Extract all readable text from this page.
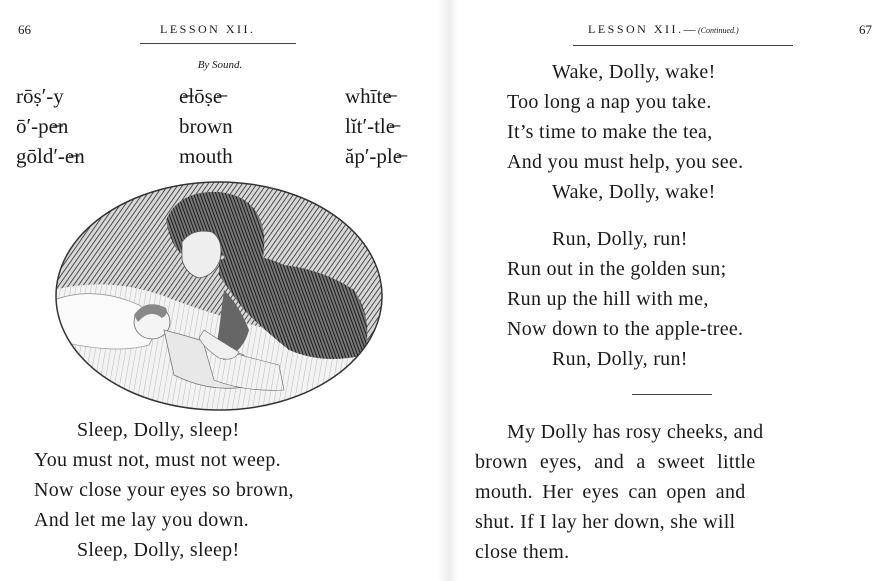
66	LESSON XII.
By Sound.
rōṣ′-y	e̶lōṣe̶	whīte̶
ō′-pe̶n	brown	lĭt′-tle̶
gōld′-e̶n	mouth	ăp′-ple̶
Sleep, Dolly, sleep!
You must not, must not weep.
Now close your eyes so brown,
And let me lay you down.
Sleep, Dolly, sleep!
LESSON XII.—(Continued.)	67
Wake, Dolly, wake!
Too long a nap you take.
It’s time to make the tea,
And you must help, you see.
Wake, Dolly, wake!
Run, Dolly, run!
Run out in the golden sun;
Run up the hill with me,
Now down to the apple-tree.
Run, Dolly, run!
My Dolly has rosy cheeks, and
brown eyes, and a sweet little
mouth. Her eyes can open and
shut. If I lay her down, she will
close them.
